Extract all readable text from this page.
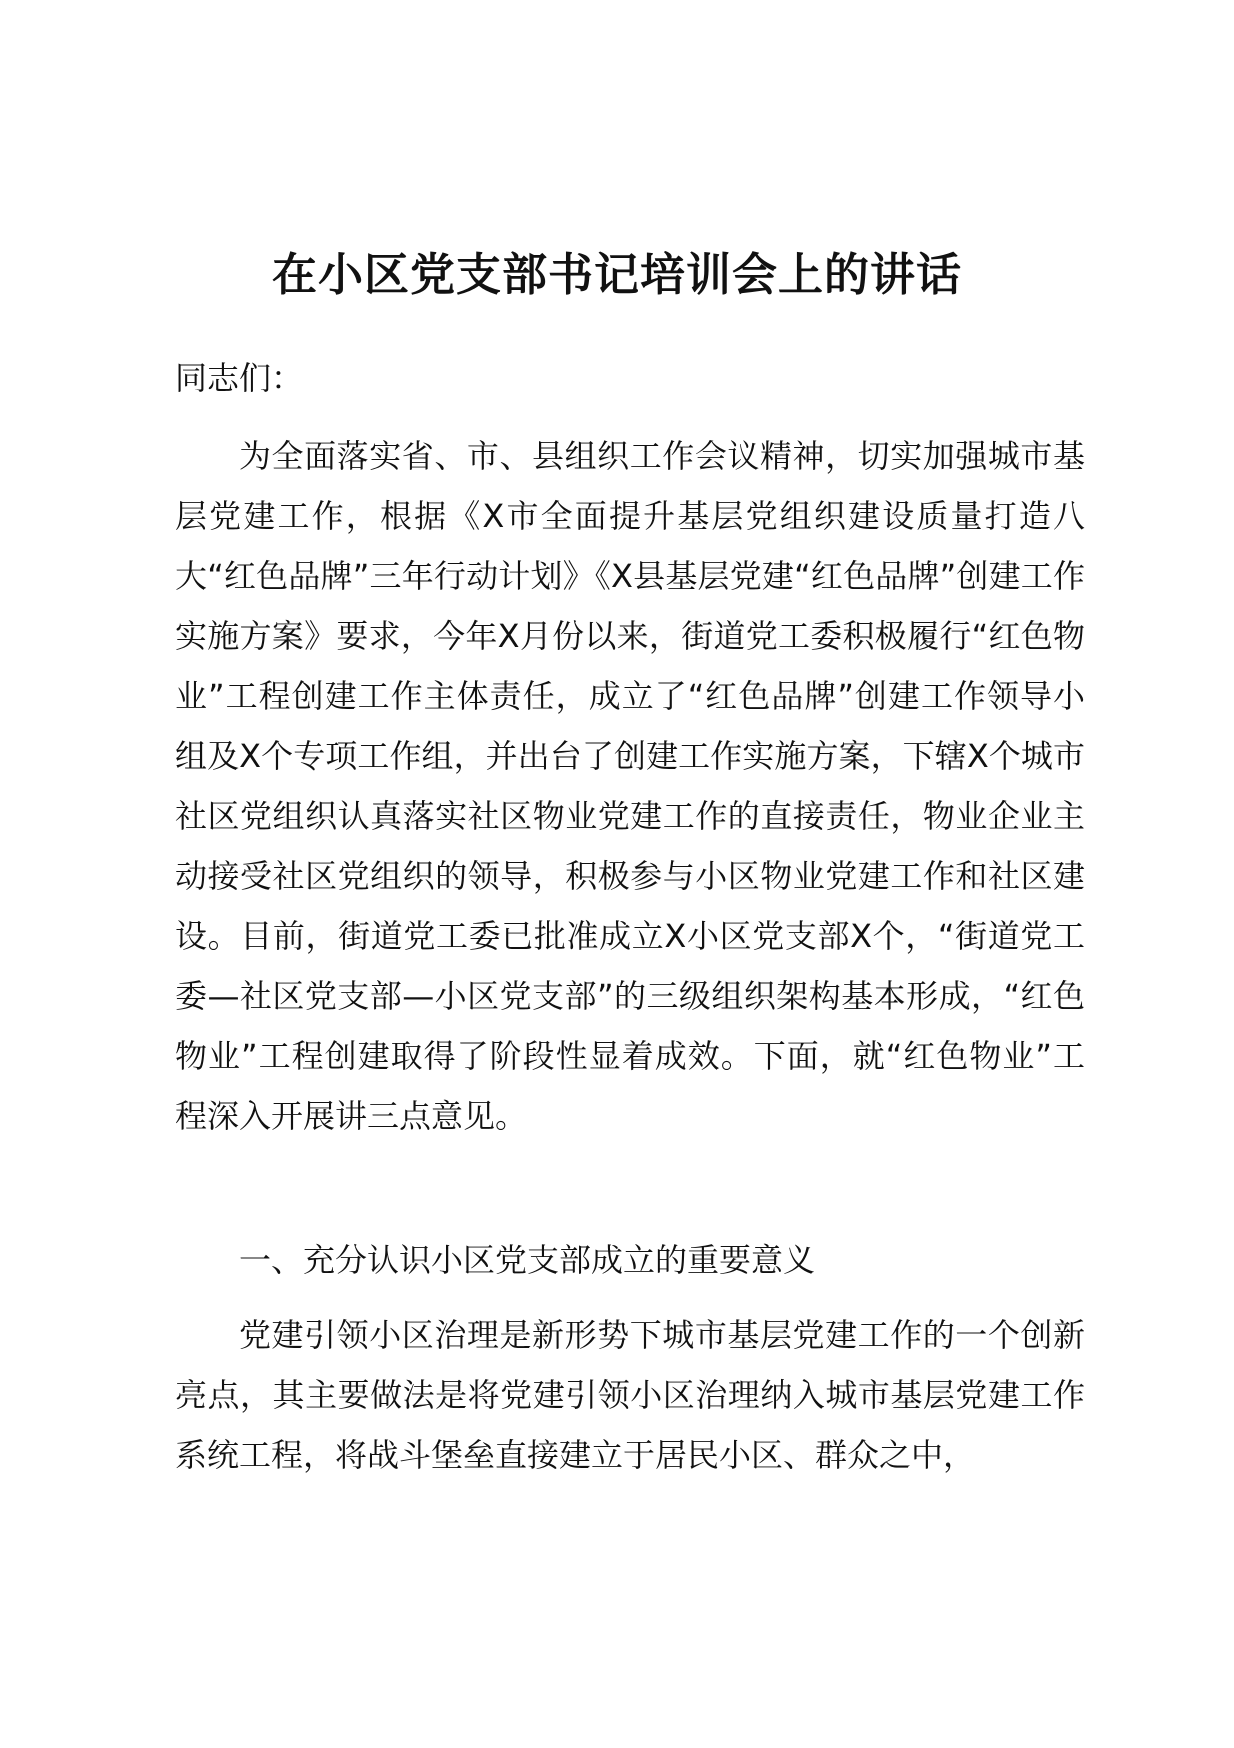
在小区党支部书记培训会上的讲话

同志们：

为全面落实省、市、县组织工作会议精神，切实加强城市基层党建工作，根据《X市全面提升基层党组织建设质量打造八大“红色品牌”三年行动计划》《X县基层党建“红色品牌”创建工作实施方案》要求，今年X月份以来，街道党工委积极履行“红色物业”工程创建工作主体责任，成立了“红色品牌”创建工作领导小组及X个专项工作组，并出台了创建工作实施方案，下辖X个城市社区党组织认真落实社区物业党建工作的直接责任，物业企业主动接受社区党组织的领导，积极参与小区物业党建工作和社区建设。目前，街道党工委已批准成立X小区党支部X个，“街道党工委—社区党支部—小区党支部”的三级组织架构基本形成，“红色物业”工程创建取得了阶段性显着成效。下面，就“红色物业”工程深入开展讲三点意见。

一、充分认识小区党支部成立的重要意义

党建引领小区治理是新形势下城市基层党建工作的一个创新亮点，其主要做法是将党建引领小区治理纳入城市基层党建工作系统工程，将战斗堡垒直接建立于居民小区、群众之中，
